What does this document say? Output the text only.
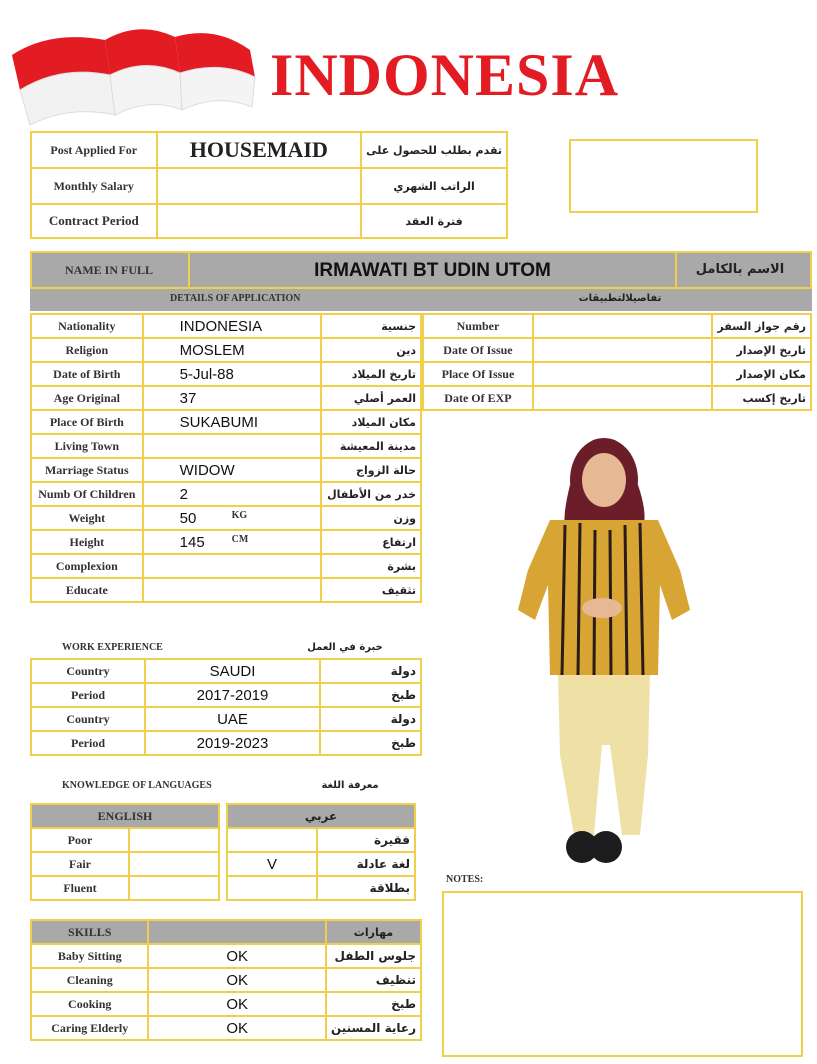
INDONESIA
Post Applied For	HOUSEMAID	تقدم بطلب للحصول على
Monthly Salary		الراتب الشهري
Contract Period		فترة العقد
NAME IN FULL	IRMAWATI BT UDIN UTOM	الاسم بالكامل
DETAILS OF APPLICATION	تفاصيلالتطبيقات
Nationality	INDONESIA	جنسية
Religion	MOSLEM	دين
Date of Birth	5-Jul-88	تاريخ الميلاد
Age Original	37	العمر أصلي
Place Of Birth	SUKABUMI	مكان الميلاد
Living Town		مدينة المعيشة
Marriage Status	WIDOW	حالة الزواج
Numb Of Children	2	خدر من الأطفال
Weight	50 KG	وزن
Height	145 CM	ارتفاع
Complexion		بشرة
Educate		تثقيف
Number		رقم جواز السفر
Date Of Issue		تاريخ الإصدار
Place Of Issue		مكان الإصدار
Date Of EXP		تاريخ إكسب
WORK EXPERIENCE	خبرة في العمل
Country	SAUDI	دولة
Period	2017-2019	طبخ
Country	UAE	دولة
Period	2019-2023	طبخ
KNOWLEDGE OF LANGUAGES	معرفة اللغة
ENGLISH	
Poor	
Fair	
Fluent	
عربي	
	فقيرة
V	لغة عادلة
	بطلاقة
NOTES:
SKILLS		مهارات
Baby Sitting	OK	جلوس الطفل
Cleaning	OK	تنظيف
Cooking	OK	طبخ
Caring Elderly	OK	رعاية المسنين
